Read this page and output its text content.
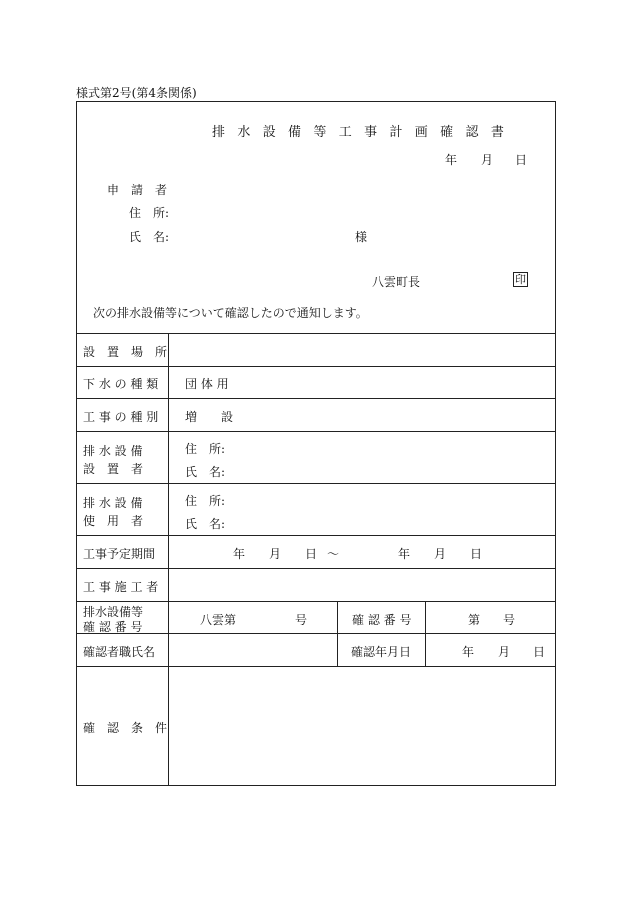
様式第2号(第4条関係)
排水設備等工事計画確認書
年 月 日
申　請　者
住　所:
氏　名:	様
八雲町長	印
次の排水設備等について確認したので通知します。
設　置　場　所
下 水 の 種 類 団 体 用
工 事 の 種 別 増　　設
排 水 設 備
設　置　者
住　所:
氏　名:
排 水 設 備
使　用　者
住　所:
氏　名:
工事予定期間	年 月 日 〜	年 月 日
工 事 施 工 者
排水設備等
確 認 番 号	八雲第	号	確 認 番 号	第 号
確認者職氏名	確認年月日	年 月 日
確　認　条　件
